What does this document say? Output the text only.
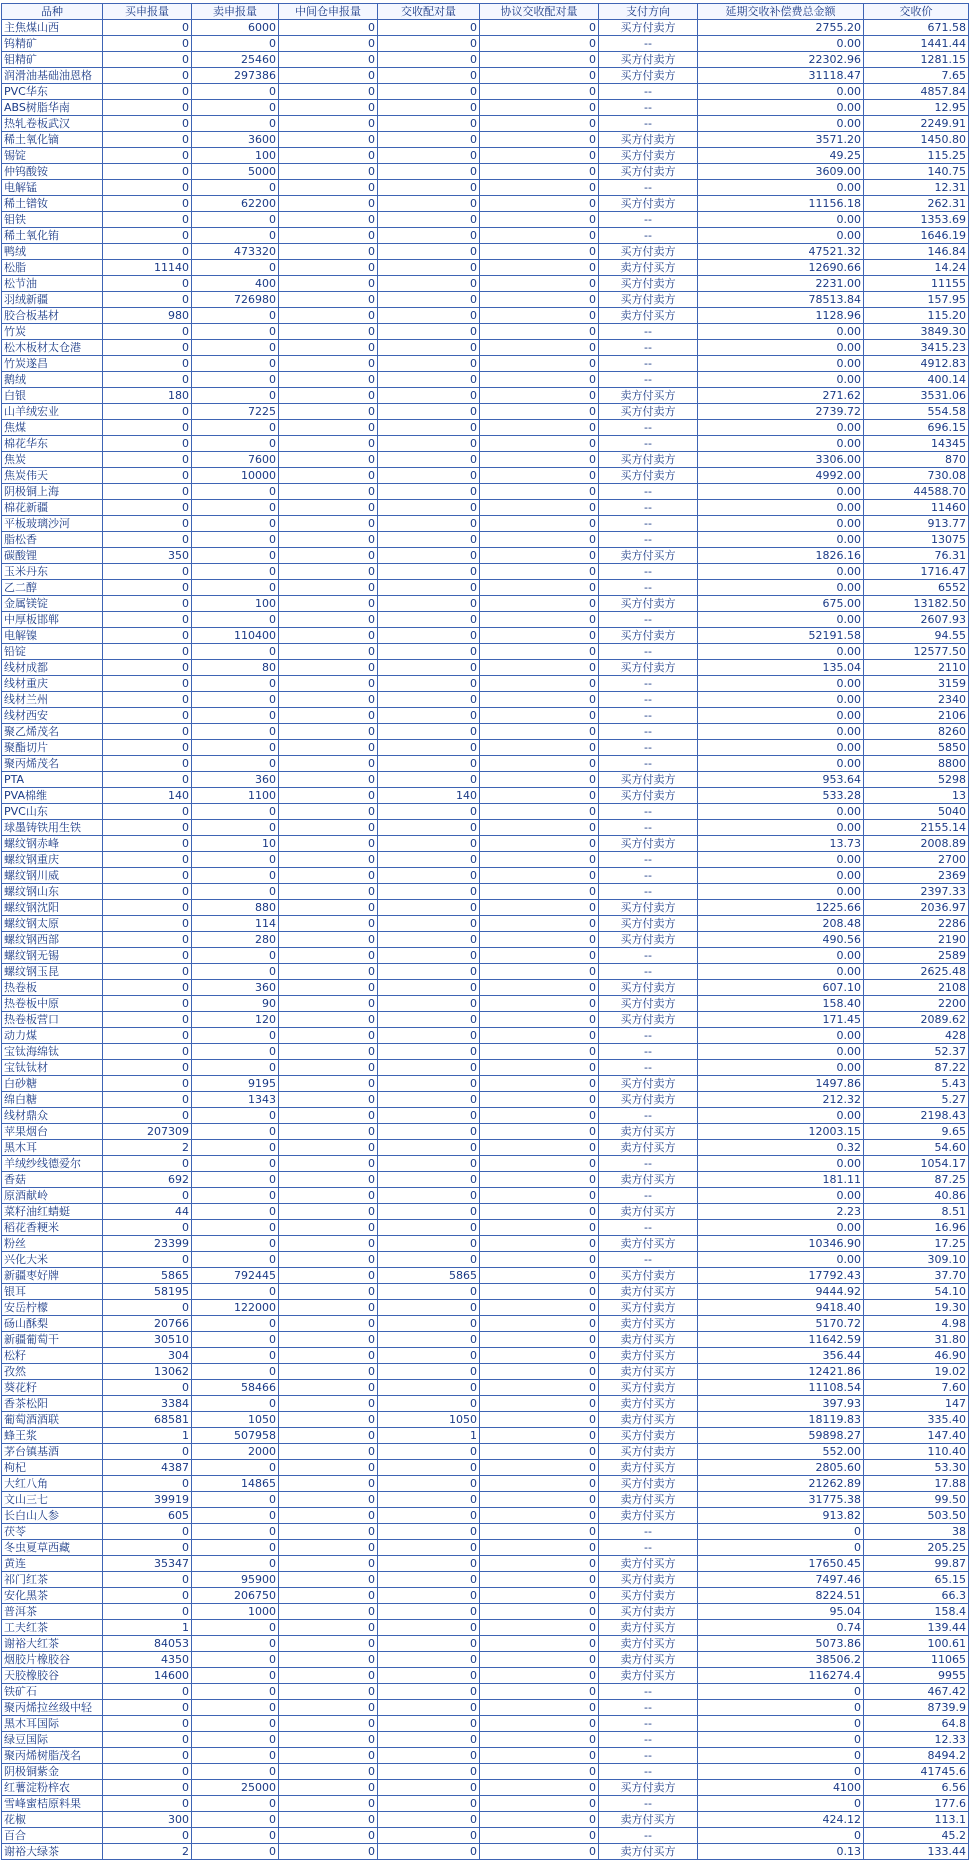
品种	买申报量	卖申报量	中间仓申报量	交收配对量	协议交收配对量	支付方向	延期交收补偿费总金额	交收价
主焦煤山西	0	6000	0	0	0	买方付卖方	2755.20	671.58
钨精矿	0	0	0	0	0	--	0.00	1441.44
钼精矿	0	25460	0	0	0	买方付卖方	22302.96	1281.15
润滑油基础油恩格	0	297386	0	0	0	买方付卖方	31118.47	7.65
PVC华东	0	0	0	0	0	--	0.00	4857.84
ABS树脂华南	0	0	0	0	0	--	0.00	12.95
热轧卷板武汉	0	0	0	0	0	--	0.00	2249.91
稀土氧化镝	0	3600	0	0	0	买方付卖方	3571.20	1450.80
锡锭	0	100	0	0	0	买方付卖方	49.25	115.25
仲钨酸铵	0	5000	0	0	0	买方付卖方	3609.00	140.75
电解锰	0	0	0	0	0	--	0.00	12.31
稀土镨钕	0	62200	0	0	0	买方付卖方	11156.18	262.31
钼铁	0	0	0	0	0	--	0.00	1353.69
稀土氧化铕	0	0	0	0	0	--	0.00	1646.19
鸭绒	0	473320	0	0	0	买方付卖方	47521.32	146.84
松脂	11140	0	0	0	0	卖方付买方	12690.66	14.24
松节油	0	400	0	0	0	买方付卖方	2231.00	11155
羽绒新疆	0	726980	0	0	0	买方付卖方	78513.84	157.95
胶合板基材	980	0	0	0	0	卖方付买方	1128.96	115.20
竹炭	0	0	0	0	0	--	0.00	3849.30
松木板材太仓港	0	0	0	0	0	--	0.00	3415.23
竹炭遂昌	0	0	0	0	0	--	0.00	4912.83
鹅绒	0	0	0	0	0	--	0.00	400.14
白银	180	0	0	0	0	卖方付买方	271.62	3531.06
山羊绒宏业	0	7225	0	0	0	买方付卖方	2739.72	554.58
焦煤	0	0	0	0	0	--	0.00	696.15
棉花华东	0	0	0	0	0	--	0.00	14345
焦炭	0	7600	0	0	0	买方付卖方	3306.00	870
焦炭伟天	0	10000	0	0	0	买方付卖方	4992.00	730.08
阴极铜上海	0	0	0	0	0	--	0.00	44588.70
棉花新疆	0	0	0	0	0	--	0.00	11460
平板玻璃沙河	0	0	0	0	0	--	0.00	913.77
脂松香	0	0	0	0	0	--	0.00	13075
碳酸锂	350	0	0	0	0	卖方付买方	1826.16	76.31
玉米丹东	0	0	0	0	0	--	0.00	1716.47
乙二醇	0	0	0	0	0	--	0.00	6552
金属镁锭	0	100	0	0	0	买方付卖方	675.00	13182.50
中厚板邯郸	0	0	0	0	0	--	0.00	2607.93
电解镍	0	110400	0	0	0	买方付卖方	52191.58	94.55
铅锭	0	0	0	0	0	--	0.00	12577.50
线材成都	0	80	0	0	0	买方付卖方	135.04	2110
线材重庆	0	0	0	0	0	--	0.00	3159
线材兰州	0	0	0	0	0	--	0.00	2340
线材西安	0	0	0	0	0	--	0.00	2106
聚乙烯茂名	0	0	0	0	0	--	0.00	8260
聚酯切片	0	0	0	0	0	--	0.00	5850
聚丙烯茂名	0	0	0	0	0	--	0.00	8800
PTA	0	360	0	0	0	买方付卖方	953.64	5298
PVA棉维	140	1100	0	140	0	买方付卖方	533.28	13
PVC山东	0	0	0	0	0	--	0.00	5040
球墨铸铁用生铁	0	0	0	0	0	--	0.00	2155.14
螺纹钢赤峰	0	10	0	0	0	买方付卖方	13.73	2008.89
螺纹钢重庆	0	0	0	0	0	--	0.00	2700
螺纹钢川威	0	0	0	0	0	--	0.00	2369
螺纹钢山东	0	0	0	0	0	--	0.00	2397.33
螺纹钢沈阳	0	880	0	0	0	买方付卖方	1225.66	2036.97
螺纹钢太原	0	114	0	0	0	买方付卖方	208.48	2286
螺纹钢西部	0	280	0	0	0	买方付卖方	490.56	2190
螺纹钢无锡	0	0	0	0	0	--	0.00	2589
螺纹钢玉昆	0	0	0	0	0	--	0.00	2625.48
热卷板	0	360	0	0	0	买方付卖方	607.10	2108
热卷板中原	0	90	0	0	0	买方付卖方	158.40	2200
热卷板营口	0	120	0	0	0	买方付卖方	171.45	2089.62
动力煤	0	0	0	0	0	--	0.00	428
宝钛海绵钛	0	0	0	0	0	--	0.00	52.37
宝钛钛材	0	0	0	0	0	--	0.00	87.22
白砂糖	0	9195	0	0	0	买方付卖方	1497.86	5.43
绵白糖	0	1343	0	0	0	买方付卖方	212.32	5.27
线材鼎众	0	0	0	0	0	--	0.00	2198.43
苹果烟台	207309	0	0	0	0	卖方付买方	12003.15	9.65
黑木耳	2	0	0	0	0	卖方付买方	0.32	54.60
羊绒纱线德爱尔	0	0	0	0	0	--	0.00	1054.17
香菇	692	0	0	0	0	卖方付买方	181.11	87.25
原酒献岭	0	0	0	0	0	--	0.00	40.86
菜籽油红蜻蜓	44	0	0	0	0	卖方付买方	2.23	8.51
稻花香粳米	0	0	0	0	0	--	0.00	16.96
粉丝	23399	0	0	0	0	卖方付买方	10346.90	17.25
兴化大米	0	0	0	0	0	--	0.00	309.10
新疆枣好牌	5865	792445	0	5865	0	买方付卖方	17792.43	37.70
银耳	58195	0	0	0	0	卖方付买方	9444.92	54.10
安岳柠檬	0	122000	0	0	0	买方付卖方	9418.40	19.30
砀山酥梨	20766	0	0	0	0	卖方付买方	5170.72	4.98
新疆葡萄干	30510	0	0	0	0	卖方付买方	11642.59	31.80
松籽	304	0	0	0	0	卖方付买方	356.44	46.90
孜然	13062	0	0	0	0	卖方付买方	12421.86	19.02
葵花籽	0	58466	0	0	0	买方付卖方	11108.54	7.60
香茶松阳	3384	0	0	0	0	卖方付买方	397.93	147
葡萄酒酒联	68581	1050	0	1050	0	卖方付买方	18119.83	335.40
蜂王浆	1	507958	0	1	0	买方付卖方	59898.27	147.40
茅台镇基酒	0	2000	0	0	0	买方付卖方	552.00	110.40
枸杞	4387	0	0	0	0	卖方付买方	2805.60	53.30
大红八角	0	14865	0	0	0	买方付卖方	21262.89	17.88
文山三七	39919	0	0	0	0	卖方付买方	31775.38	99.50
长白山人参	605	0	0	0	0	卖方付买方	913.82	503.50
茯苓	0	0	0	0	0	--	0	38
冬虫夏草西藏	0	0	0	0	0	--	0	205.25
黄连	35347	0	0	0	0	卖方付买方	17650.45	99.87
祁门红茶	0	95900	0	0	0	买方付卖方	7497.46	65.15
安化黑茶	0	206750	0	0	0	买方付卖方	8224.51	66.3
普洱茶	0	1000	0	0	0	买方付卖方	95.04	158.4
工夫红茶	1	0	0	0	0	卖方付买方	0.74	139.44
谢裕大红茶	84053	0	0	0	0	卖方付买方	5073.86	100.61
烟胶片橡胶谷	4350	0	0	0	0	卖方付买方	38506.2	11065
天胶橡胶谷	14600	0	0	0	0	卖方付买方	116274.4	9955
铁矿石	0	0	0	0	0	--	0	467.42
聚丙烯拉丝级中轻	0	0	0	0	0	--	0	8739.9
黑木耳国际	0	0	0	0	0	--	0	64.8
绿豆国际	0	0	0	0	0	--	0	12.33
聚丙烯树脂茂名	0	0	0	0	0	--	0	8494.2
阴极铜紫金	0	0	0	0	0	--	0	41745.6
红薯淀粉梓农	0	25000	0	0	0	买方付卖方	4100	6.56
雪峰蜜桔原料果	0	0	0	0	0	--	0	177.6
花椒	300	0	0	0	0	卖方付买方	424.12	113.1
百合	0	0	0	0	0	--	0	45.2
谢裕大绿茶	2	0	0	0	0	卖方付买方	0.13	133.44
